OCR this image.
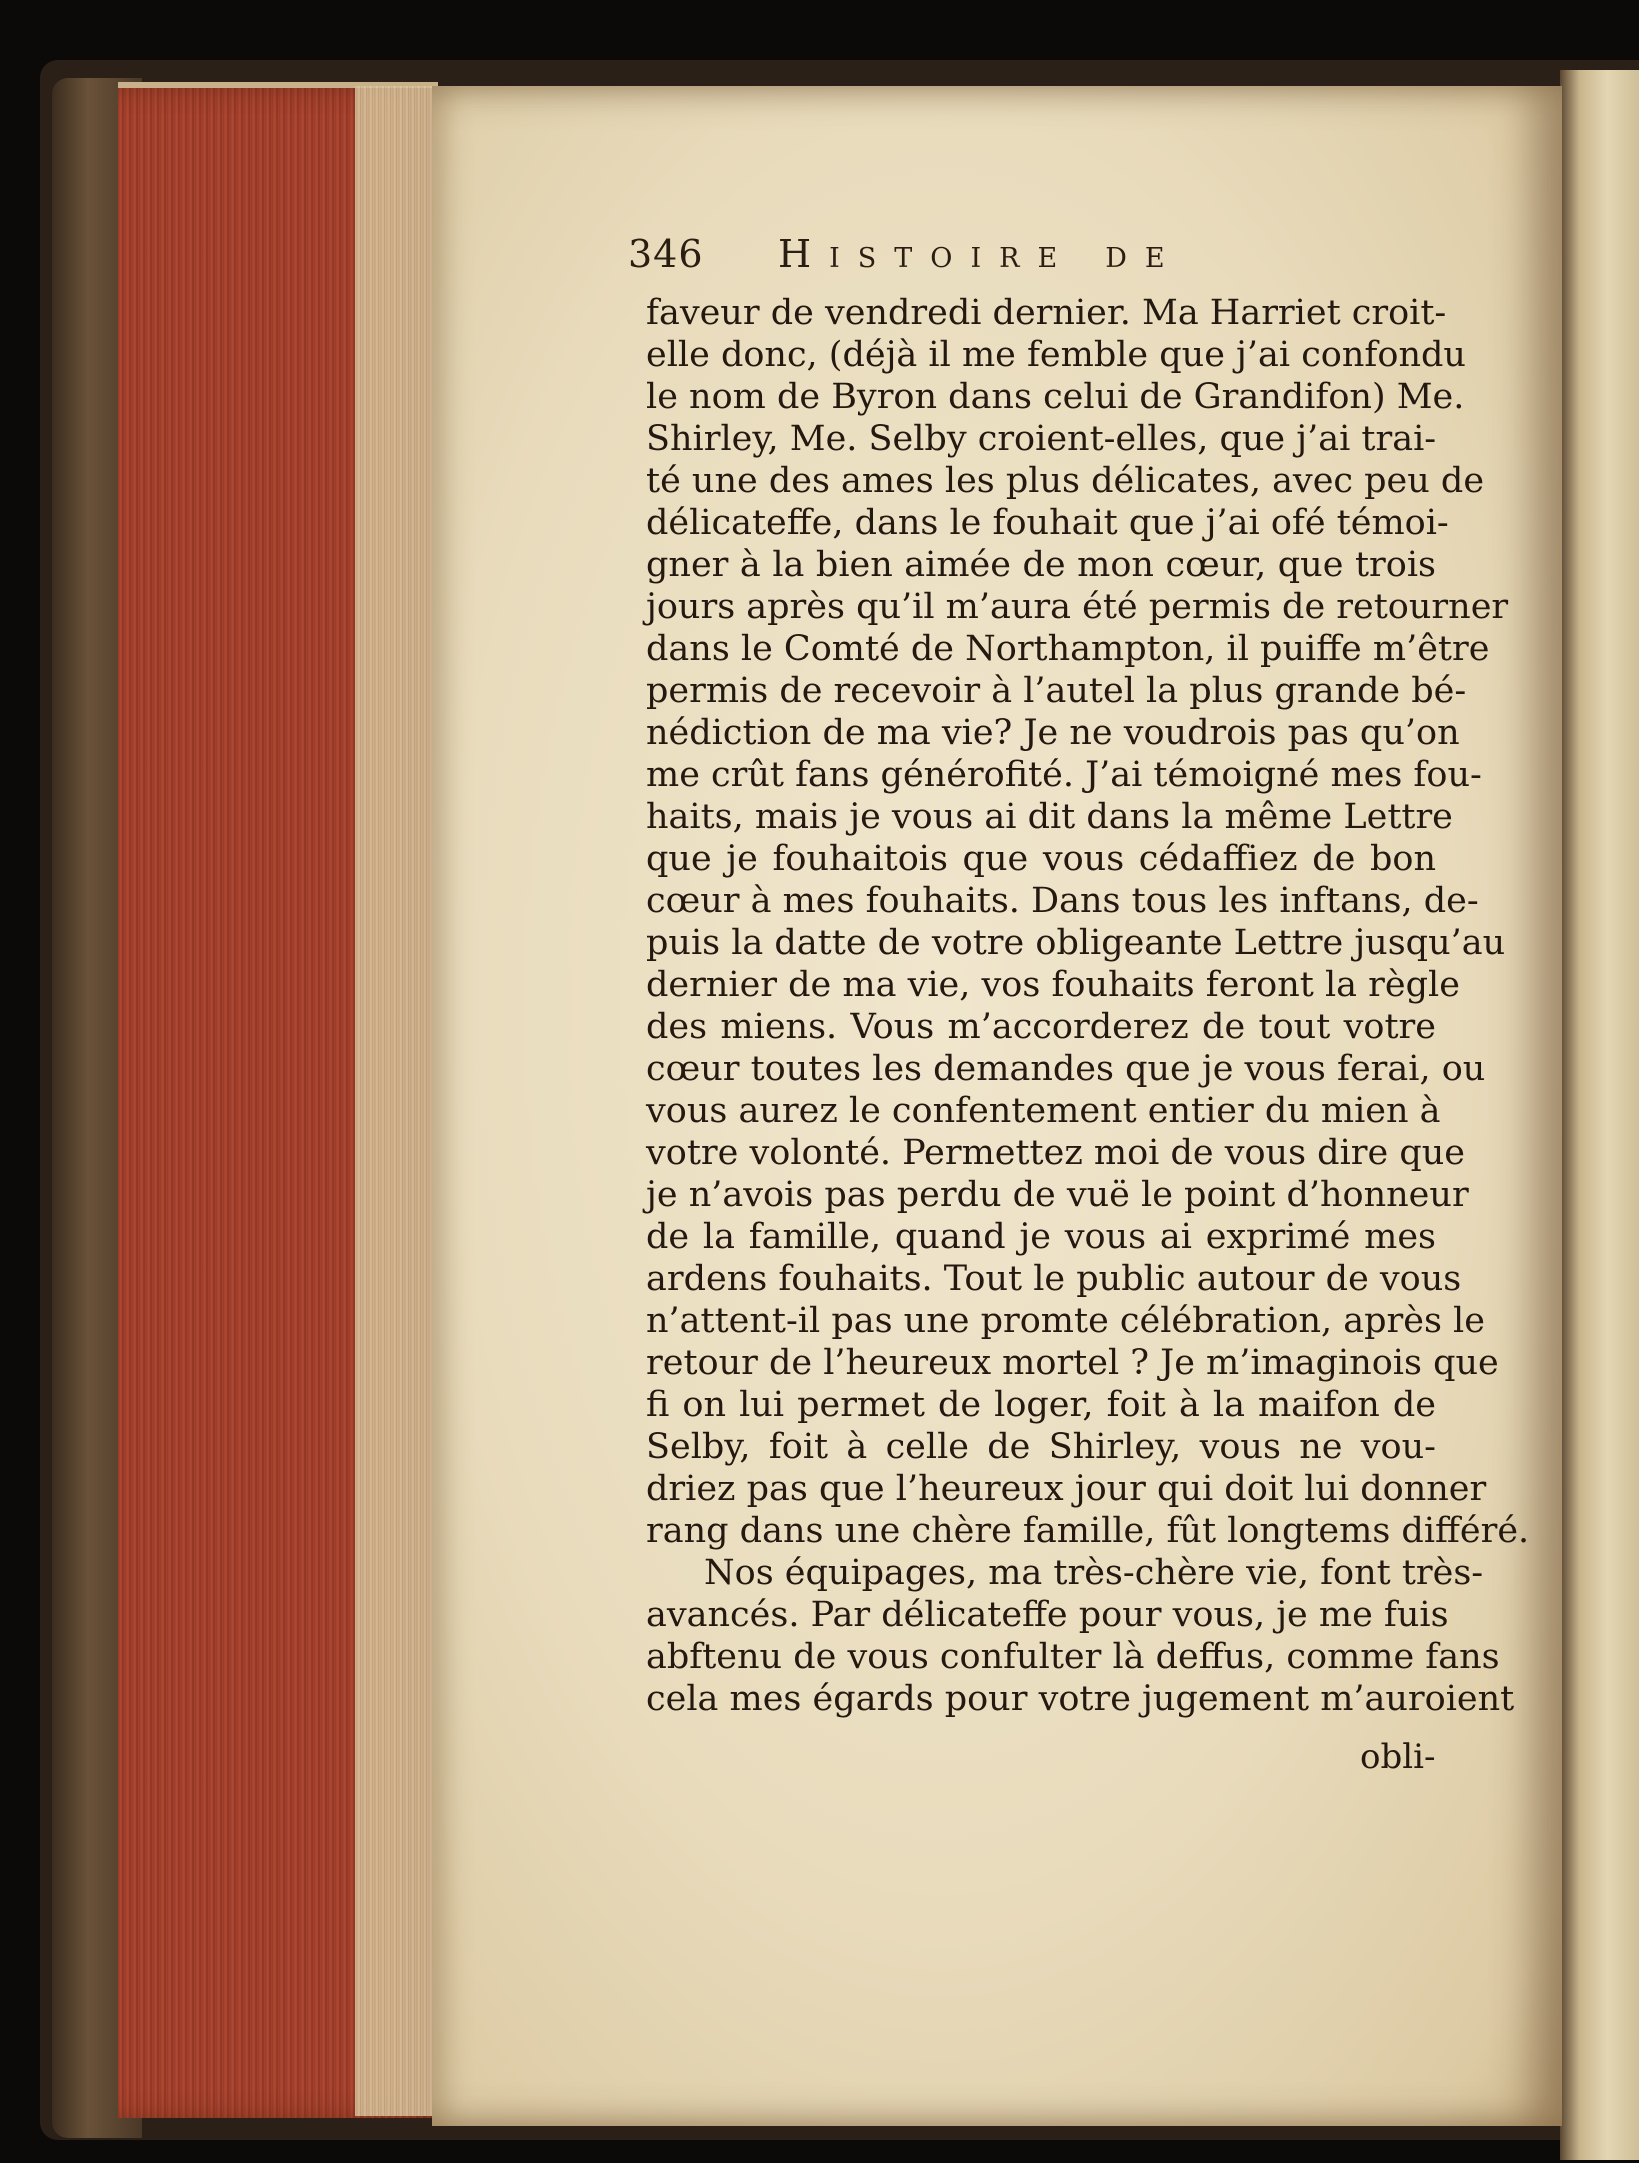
346 Histoire de
faveur de vendredi dernier. Ma Harriet croit-
elle donc, (déjà il me femble que j’ai confondu
le nom de Byron dans celui de Grandifon) Me.
Shirley, Me. Selby croient-elles, que j’ai trai-
té une des ames les plus délicates, avec peu de
délicateffe, dans le fouhait que j’ai ofé témoi-
gner à la bien aimée de mon cœur, que trois
jours après qu’il m’aura été permis de retourner
dans le Comté de Northampton, il puiffe m’être
permis de recevoir à l’autel la plus grande bé-
nédiction de ma vie? Je ne voudrois pas qu’on
me crût fans générofité. J’ai témoigné mes fou-
haits, mais je vous ai dit dans la même Lettre
que je fouhaitois que vous cédaffiez de bon
cœur à mes fouhaits. Dans tous les inftans, de-
puis la datte de votre obligeante Lettre jusqu’au
dernier de ma vie, vos fouhaits feront la règle
des miens. Vous m’accorderez de tout votre
cœur toutes les demandes que je vous ferai, ou
vous aurez le confentement entier du mien à
votre volonté. Permettez moi de vous dire que
je n’avois pas perdu de vuë le point d’honneur
de la famille, quand je vous ai exprimé mes
ardens fouhaits. Tout le public autour de vous
n’attent-il pas une promte célébration, après le
retour de l’heureux mortel ? Je m’imaginois que
fi on lui permet de loger, foit à la maifon de
Selby, foit à celle de Shirley, vous ne vou-
driez pas que l’heureux jour qui doit lui donner
rang dans une chère famille, fût longtems différé.
Nos équipages, ma très-chère vie, font très-
avancés. Par délicateffe pour vous, je me fuis
abftenu de vous confulter là deffus, comme fans
cela mes égards pour votre jugement m’auroient
obli-
